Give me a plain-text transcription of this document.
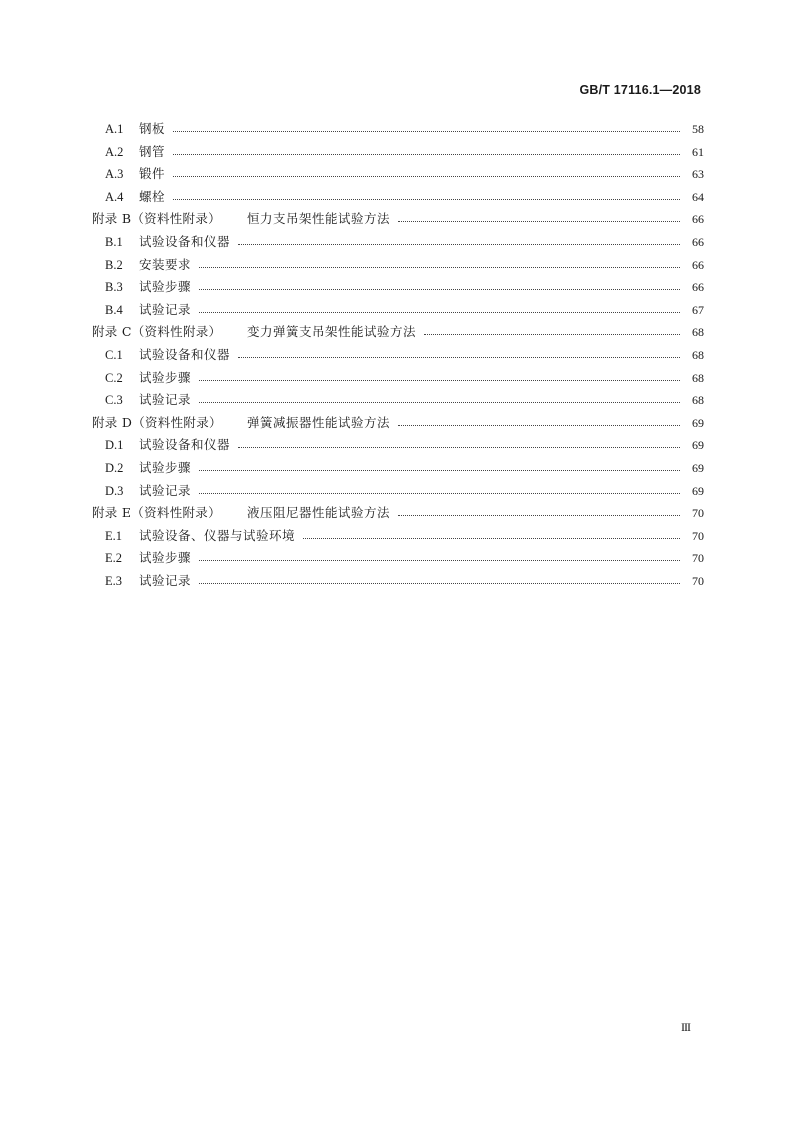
GB/T 17116.1—2018
A.1 钢板	58
A.2 钢管	61
A.3 锻件	63
A.4 螺栓	64
附录 B（资料性附录） 恒力支吊架性能试验方法	66
B.1 试验设备和仪器	66
B.2 安装要求	66
B.3 试验步骤	66
B.4 试验记录	67
附录 C（资料性附录） 变力弹簧支吊架性能试验方法	68
C.1 试验设备和仪器	68
C.2 试验步骤	68
C.3 试验记录	68
附录 D（资料性附录） 弹簧减振器性能试验方法	69
D.1 试验设备和仪器	69
D.2 试验步骤	69
D.3 试验记录	69
附录 E（资料性附录） 液压阻尼器性能试验方法	70
E.1 试验设备、仪器与试验环境	70
E.2 试验步骤	70
E.3 试验记录	70
III
